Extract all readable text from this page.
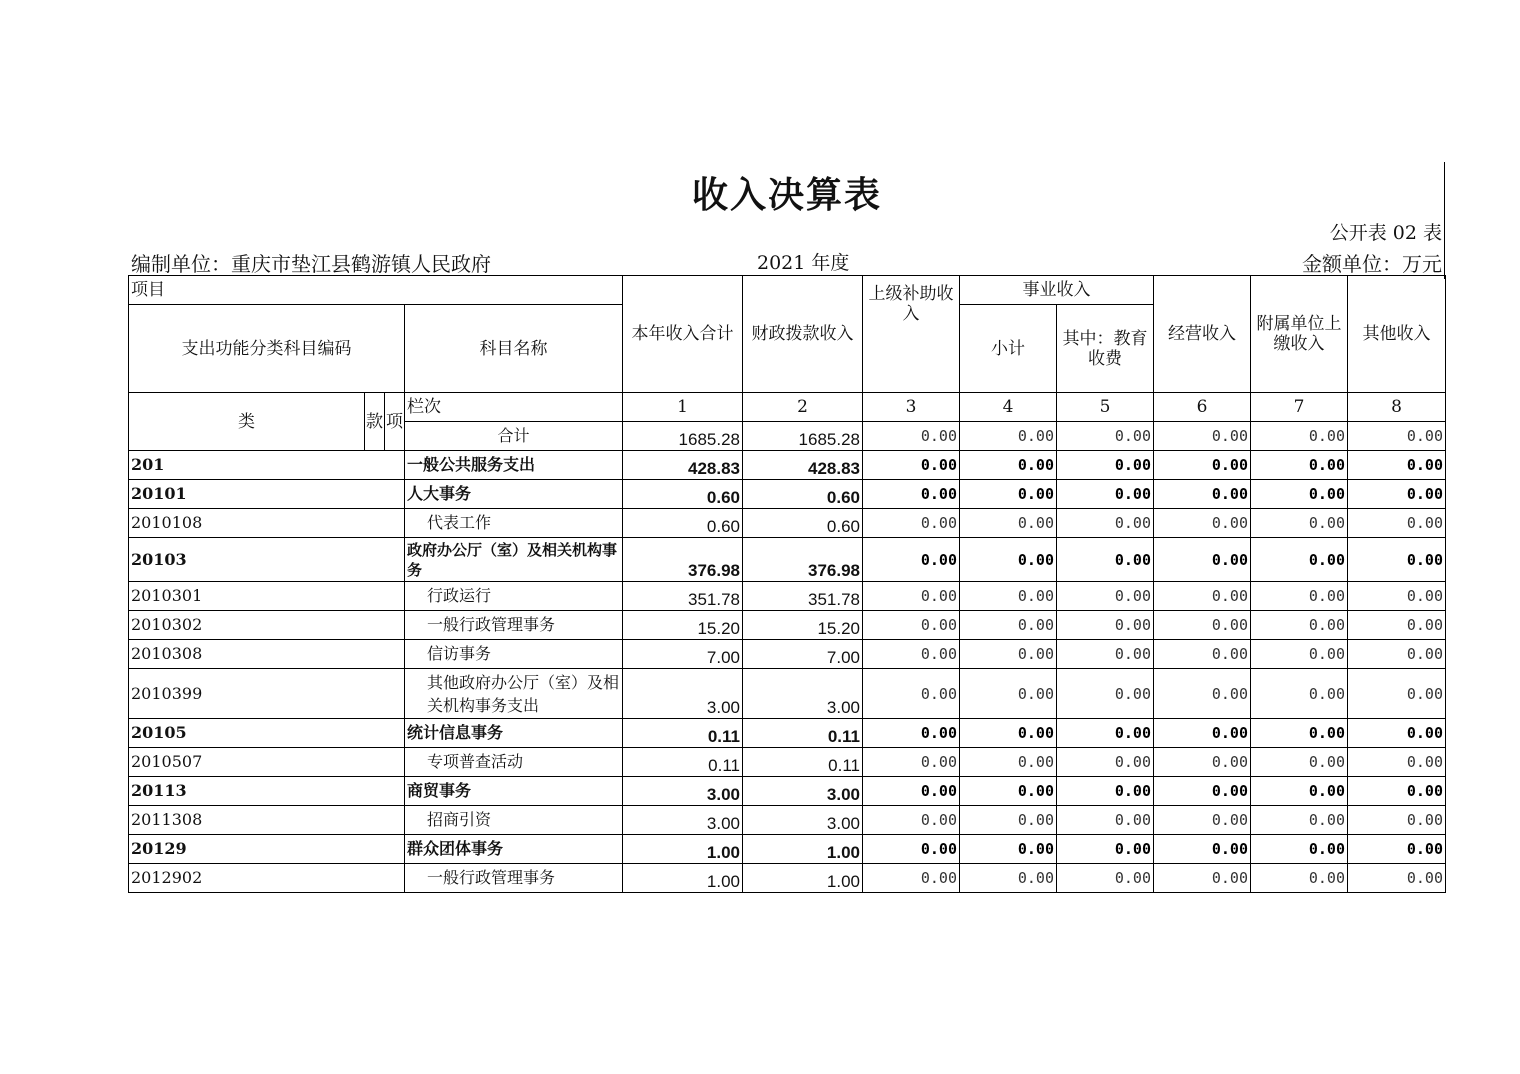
收入决算表
公开表 02 表
编制单位：重庆市垫江县鹤游镇人民政府	2021 年度	金额单位：万元
项目				本年收入合计	财政拨款收入	上级补助收入	事业收入		经营收入	附属单位上缴收入	其他收入
支出功能分类科目编码			科目名称				小计	其中：教育收费			
类	款	项	栏次	1	2	3	4	5	6	7	8
			合计	1685.28	1685.28	0.00	0.00	0.00	0.00	0.00	0.00
201			一般公共服务支出	428.83	428.83	0.00	0.00	0.00	0.00	0.00	0.00
20101			人大事务	0.60	0.60	0.00	0.00	0.00	0.00	0.00	0.00
2010108			代表工作	0.60	0.60	0.00	0.00	0.00	0.00	0.00	0.00
20103			政府办公厅（室）及相关机构事务	376.98	376.98	0.00	0.00	0.00	0.00	0.00	0.00
2010301			行政运行	351.78	351.78	0.00	0.00	0.00	0.00	0.00	0.00
2010302			一般行政管理事务	15.20	15.20	0.00	0.00	0.00	0.00	0.00	0.00
2010308			信访事务	7.00	7.00	0.00	0.00	0.00	0.00	0.00	0.00
2010399			其他政府办公厅（室）及相关机构事务支出	3.00	3.00	0.00	0.00	0.00	0.00	0.00	0.00
20105			统计信息事务	0.11	0.11	0.00	0.00	0.00	0.00	0.00	0.00
2010507			专项普查活动	0.11	0.11	0.00	0.00	0.00	0.00	0.00	0.00
20113			商贸事务	3.00	3.00	0.00	0.00	0.00	0.00	0.00	0.00
2011308			招商引资	3.00	3.00	0.00	0.00	0.00	0.00	0.00	0.00
20129			群众团体事务	1.00	1.00	0.00	0.00	0.00	0.00	0.00	0.00
2012902			一般行政管理事务	1.00	1.00	0.00	0.00	0.00	0.00	0.00	0.00
